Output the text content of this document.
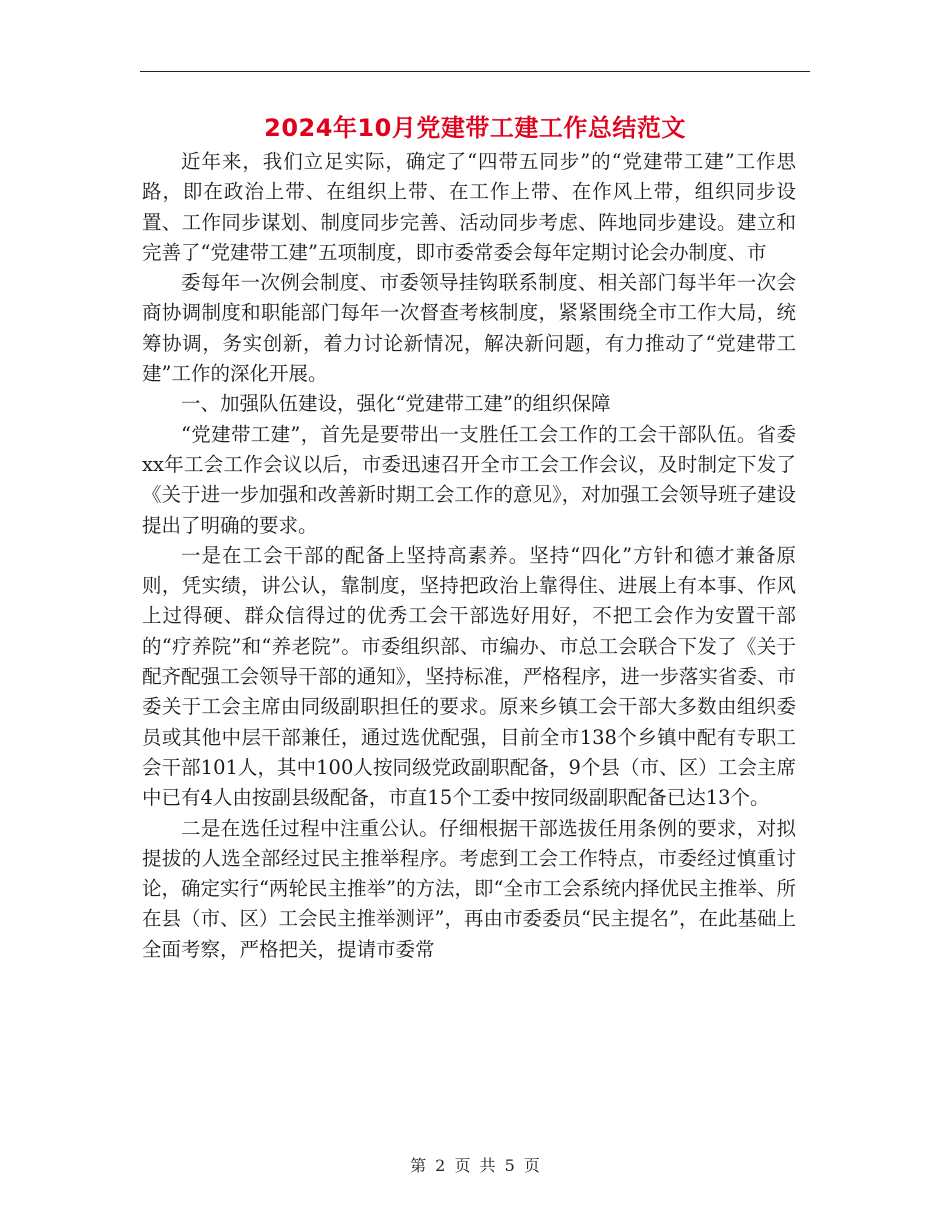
2024年10月党建带工建工作总结范文

近年来，我们立足实际，确定了“四带五同步”的“党建带工建”工作思路，即在政治上带、在组织上带、在工作上带、在作风上带，组织同步设置、工作同步谋划、制度同步完善、活动同步考虑、阵地同步建设。建立和完善了“党建带工建”五项制度，即市委常委会每年定期讨论会办制度、市

委每年一次例会制度、市委领导挂钩联系制度、相关部门每半年一次会商协调制度和职能部门每年一次督查考核制度，紧紧围绕全市工作大局，统筹协调，务实创新，着力讨论新情况，解决新问题，有力推动了“党建带工建”工作的深化开展。

一、加强队伍建设，强化“党建带工建”的组织保障

“党建带工建”，首先是要带出一支胜任工会工作的工会干部队伍。省委xx年工会工作会议以后，市委迅速召开全市工会工作会议，及时制定下发了《关于进一步加强和改善新时期工会工作的意见》，对加强工会领导班子建设提出了明确的要求。

一是在工会干部的配备上坚持高素养。坚持“四化”方针和德才兼备原则，凭实绩，讲公认，靠制度，坚持把政治上靠得住、进展上有本事、作风上过得硬、群众信得过的优秀工会干部选好用好，不把工会作为安置干部的“疗养院”和“养老院”。市委组织部、市编办、市总工会联合下发了《关于配齐配强工会领导干部的通知》，坚持标准，严格程序，进一步落实省委、市委关于工会主席由同级副职担任的要求。原来乡镇工会干部大多数由组织委员或其他中层干部兼任，通过选优配强，目前全市138个乡镇中配有专职工会干部101人，其中100人按同级党政副职配备，9个县（市、区）工会主席中已有4人由按副县级配备，市直15个工委中按同级副职配备已达13个。

二是在选任过程中注重公认。仔细根据干部选拔任用条例的要求，对拟提拔的人选全部经过民主推举程序。考虑到工会工作特点，市委经过慎重讨论，确定实行“两轮民主推举”的方法，即“全市工会系统内择优民主推举、所在县（市、区）工会民主推举测评”，再由市委委员“民主提名”，在此基础上全面考察，严格把关，提请市委常

第 2 页 共 5 页
